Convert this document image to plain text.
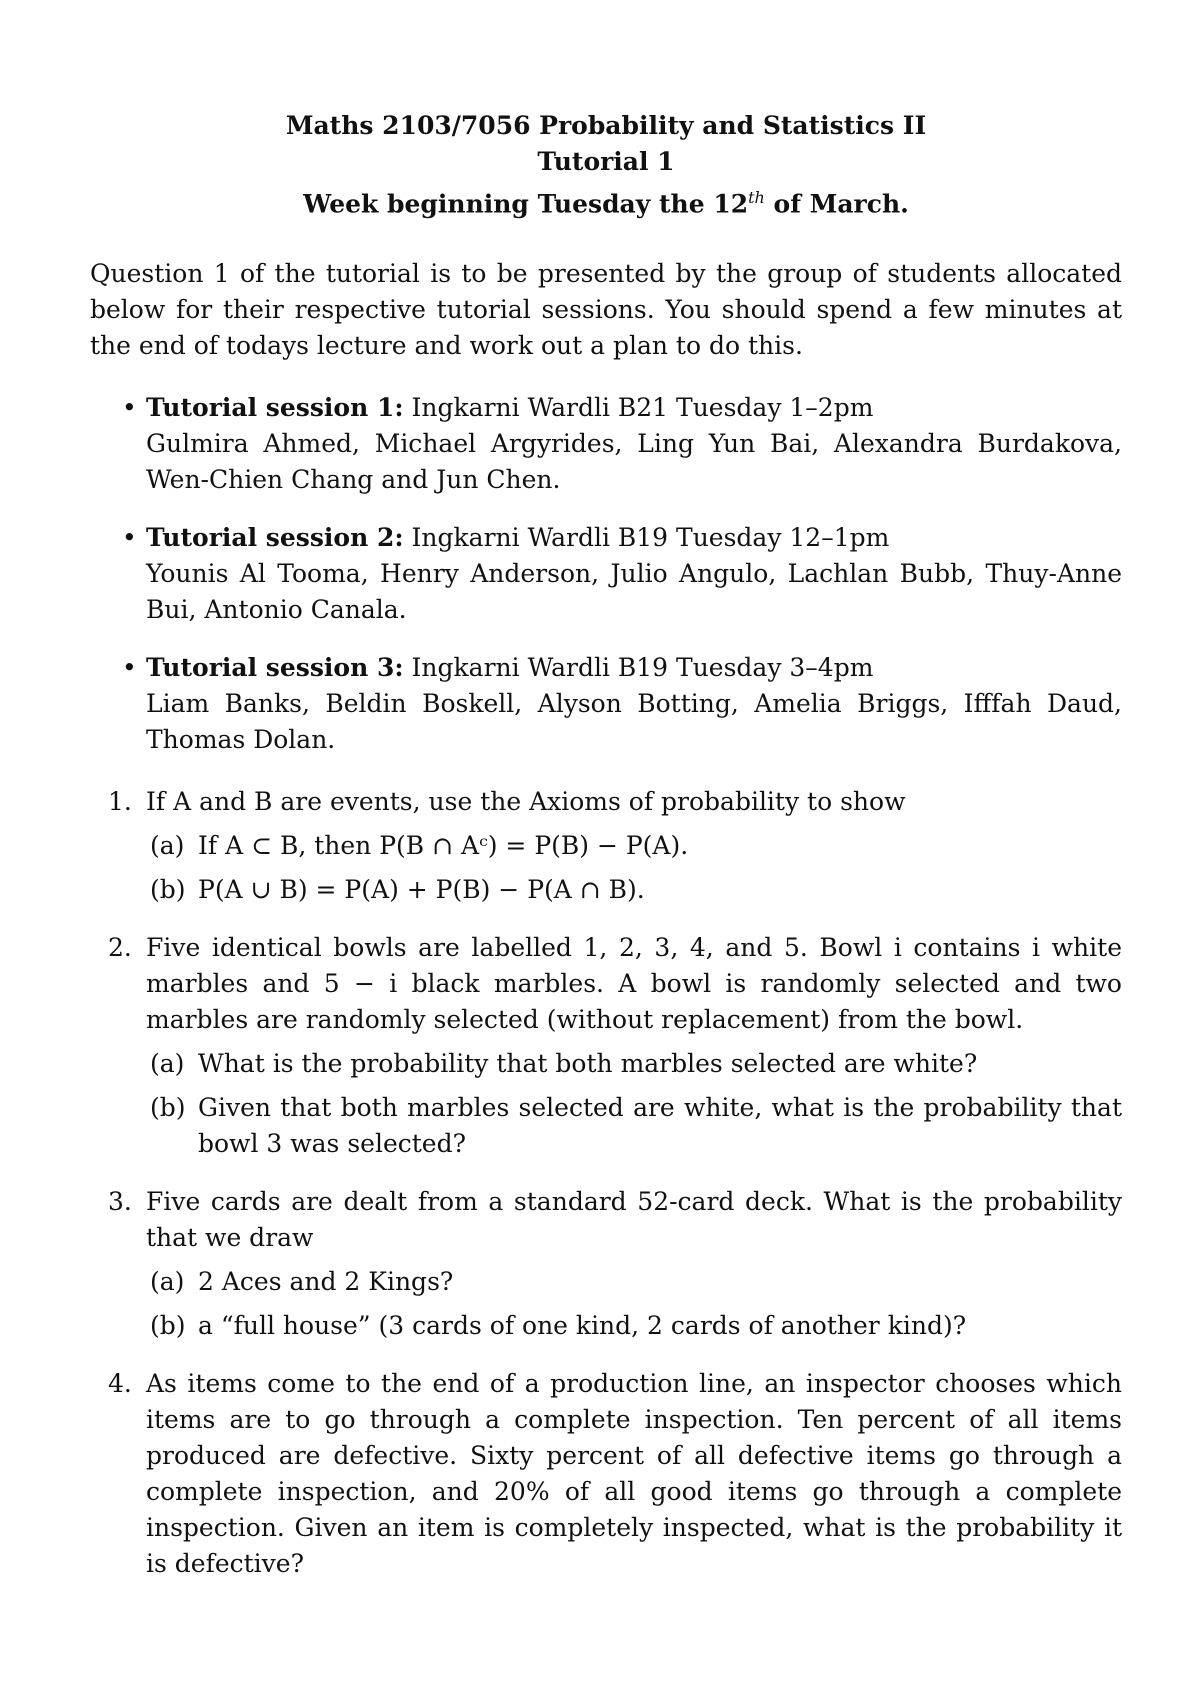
Maths 2103/7056 Probability and Statistics II
Tutorial 1
Week beginning Tuesday the 12th of March.

Question 1 of the tutorial is to be presented by the group of students allocated below for their respective tutorial sessions. You should spend a few minutes at the end of todays lecture and work out a plan to do this.

• Tutorial session 1: Ingkarni Wardli B21 Tuesday 1–2pm
Gulmira Ahmed, Michael Argyrides, Ling Yun Bai, Alexandra Burdakova, Wen-Chien Chang and Jun Chen.
• Tutorial session 2: Ingkarni Wardli B19 Tuesday 12–1pm
Younis Al Tooma, Henry Anderson, Julio Angulo, Lachlan Bubb, Thuy-Anne Bui, Antonio Canala.
• Tutorial session 3: Ingkarni Wardli B19 Tuesday 3–4pm
Liam Banks, Beldin Boskell, Alyson Botting, Amelia Briggs, Ifffah Daud, Thomas Dolan.
1. If A and B are events, use the Axioms of probability to show
(a) If A ⊂ B, then P(B ∩ Aᶜ) = P(B) − P(A).
(b) P(A ∪ B) = P(A) + P(B) − P(A ∩ B).
2. Five identical bowls are labelled 1, 2, 3, 4, and 5. Bowl i contains i white marbles and 5 − i black marbles. A bowl is randomly selected and two marbles are randomly selected (without replacement) from the bowl.
(a) What is the probability that both marbles selected are white?
(b) Given that both marbles selected are white, what is the probability that bowl 3 was selected?
3. Five cards are dealt from a standard 52-card deck. What is the probability that we draw
(a) 2 Aces and 2 Kings?
(b) a “full house” (3 cards of one kind, 2 cards of another kind)?
4. As items come to the end of a production line, an inspector chooses which items are to go through a complete inspection. Ten percent of all items produced are defective. Sixty percent of all defective items go through a complete inspection, and 20% of all good items go through a complete inspection. Given an item is completely inspected, what is the probability it is defective?
